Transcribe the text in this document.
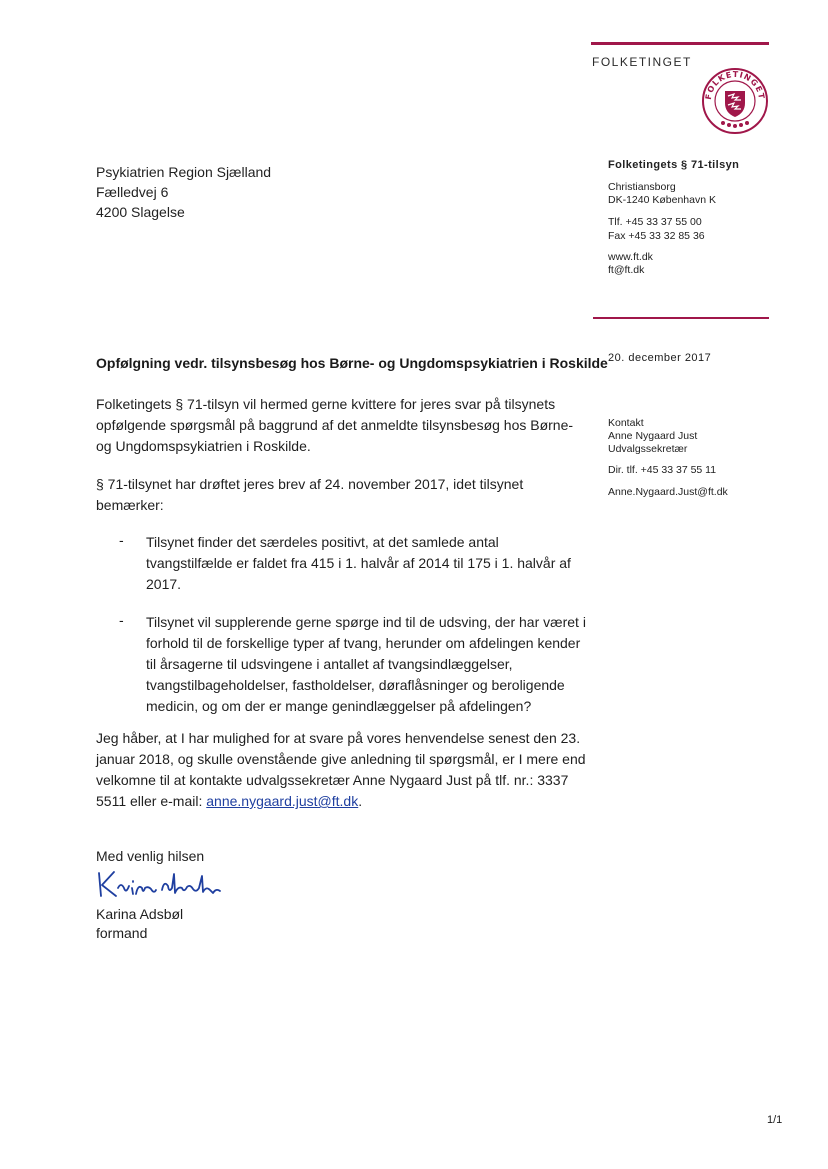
FOLKETINGET
FOLKETINGET
Psykiatrien Region Sjælland
Fælledvej 6
4200 Slagelse
Folketingets § 71-tilsyn
Christiansborg
DK-1240 København K
Tlf. +45 33 37 55 00
Fax +45 33 32 85 36
www.ft.dk
ft@ft.dk
Opfølgning vedr. tilsynsbesøg hos Børne- og Ungdomspsykiatrien i Roskilde 20. december 2017
Kontakt
Anne Nygaard Just
Udvalgssekretær
Dir. tlf. +45 33 37 55 11
Anne.Nygaard.Just@ft.dk
Folketingets § 71-tilsyn vil hermed gerne kvittere for jeres svar på tilsynets opfølgende spørgsmål på baggrund af det anmeldte tilsynsbesøg hos Børne- og Ungdomspsykiatrien i Roskilde.
§ 71-tilsynet har drøftet jeres brev af 24. november 2017, idet tilsynet bemærker:
- Tilsynet finder det særdeles positivt, at det samlede antal tvangstilfælde er faldet fra 415 i 1. halvår af 2014 til 175 i 1. halvår af 2017.
- Tilsynet vil supplerende gerne spørge ind til de udsving, der har været i forhold til de forskellige typer af tvang, herunder om afdelingen kender til årsagerne til udsvingene i antallet af tvangsindlæggelser, tvangstilbageholdelser, fastholdelser, døraflåsninger og beroligende medicin, og om der er mange genindlæggelser på afdelingen?
Jeg håber, at I har mulighed for at svare på vores henvendelse senest den 23. januar 2018, og skulle ovenstående give anledning til spørgsmål, er I mere end velkomne til at kontakte udvalgssekretær Anne Nygaard Just på tlf. nr.: 3337 5511 eller e-mail: anne.nygaard.just@ft.dk.
Med venlig hilsen
Karina Adsbøl
formand
1/1
